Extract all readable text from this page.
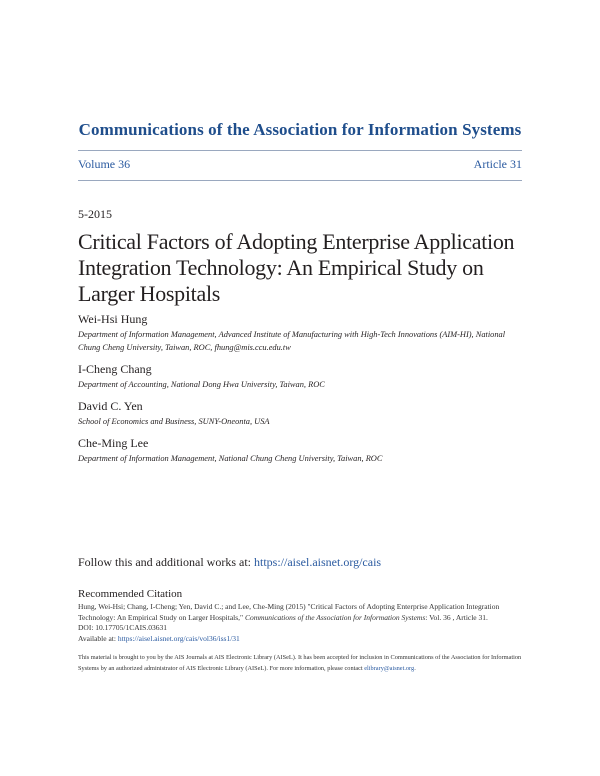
Communications of the Association for Information Systems
Volume 36	Article 31
5-2015
Critical Factors of Adopting Enterprise Application Integration Technology: An Empirical Study on Larger Hospitals
Wei-Hsi Hung
Department of Information Management, Advanced Institute of Manufacturing with High-Tech Innovations (AIM-HI), National Chung Cheng University, Taiwan, ROC, fhung@mis.ccu.edu.tw
I-Cheng Chang
Department of Accounting, National Dong Hwa University, Taiwan, ROC
David C. Yen
School of Economics and Business, SUNY-Oneonta, USA
Che-Ming Lee
Department of Information Management, National Chung Cheng University, Taiwan, ROC
Follow this and additional works at: https://aisel.aisnet.org/cais
Recommended Citation
Hung, Wei-Hsi; Chang, I-Cheng; Yen, David C.; and Lee, Che-Ming (2015) "Critical Factors of Adopting Enterprise Application Integration Technology: An Empirical Study on Larger Hospitals," Communications of the Association for Information Systems: Vol. 36 , Article 31.
DOI: 10.17705/1CAIS.03631
Available at: https://aisel.aisnet.org/cais/vol36/iss1/31
This material is brought to you by the AIS Journals at AIS Electronic Library (AISeL). It has been accepted for inclusion in Communications of the Association for Information Systems by an authorized administrator of AIS Electronic Library (AISeL). For more information, please contact elibrary@aisnet.org.
